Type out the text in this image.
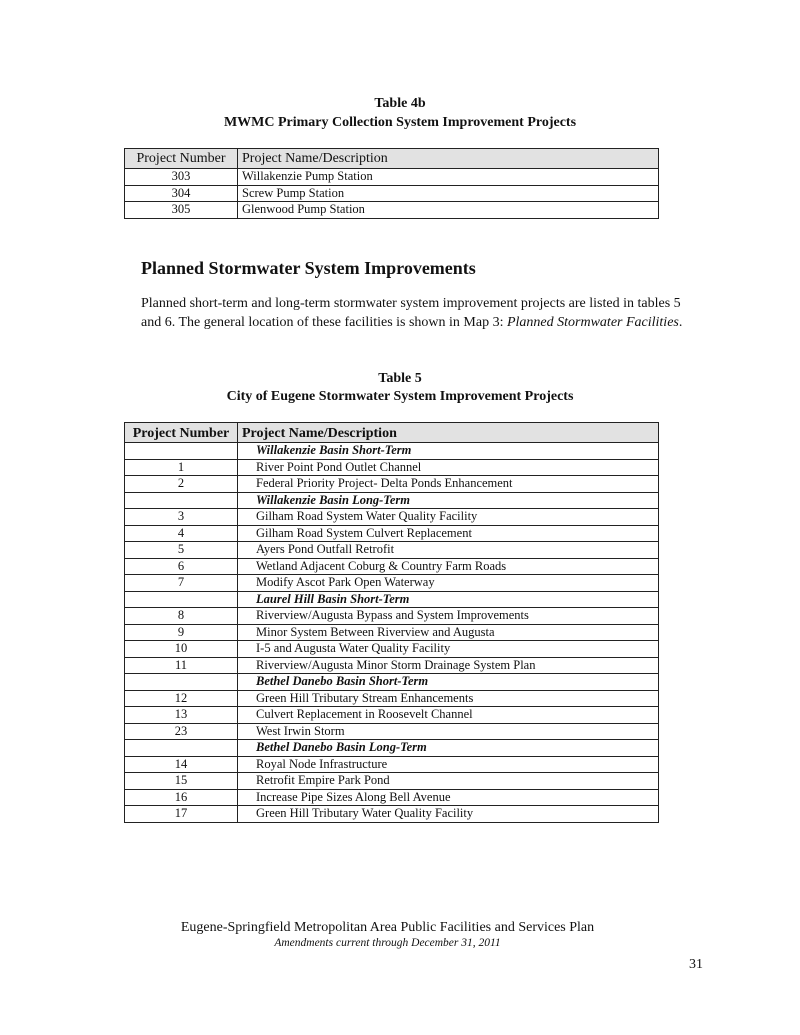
Table 4b
MWMC Primary Collection System Improvement Projects
Project Number	Project Name/Description
303	Willakenzie Pump Station
304	Screw Pump Station
305	Glenwood Pump Station
Planned Stormwater System Improvements
Planned short-term and long-term stormwater system improvement projects are listed in tables 5 and 6. The general location of these facilities is shown in Map 3: Planned Stormwater Facilities.
Table 5
City of Eugene Stormwater System Improvement Projects
Project Number	Project Name/Description
	Willakenzie Basin Short-Term
1	River Point Pond Outlet Channel
2	Federal Priority Project- Delta Ponds Enhancement
	Willakenzie Basin Long-Term
3	Gilham Road System Water Quality Facility
4	Gilham Road System Culvert Replacement
5	Ayers Pond Outfall Retrofit
6	Wetland Adjacent Coburg & Country Farm Roads
7	Modify Ascot Park Open Waterway
	Laurel Hill Basin Short-Term
8	Riverview/Augusta Bypass and System Improvements
9	Minor System Between Riverview and Augusta
10	I-5 and Augusta Water Quality Facility
11	Riverview/Augusta Minor Storm Drainage System Plan
	Bethel Danebo Basin Short-Term
12	Green Hill Tributary Stream Enhancements
13	Culvert Replacement in Roosevelt Channel
23	West Irwin Storm
	Bethel Danebo Basin Long-Term
14	Royal Node Infrastructure
15	Retrofit Empire Park Pond
16	Increase Pipe Sizes Along Bell Avenue
17	Green Hill Tributary Water Quality Facility
Eugene-Springfield Metropolitan Area Public Facilities and Services Plan
Amendments current through December 31, 2011
31
